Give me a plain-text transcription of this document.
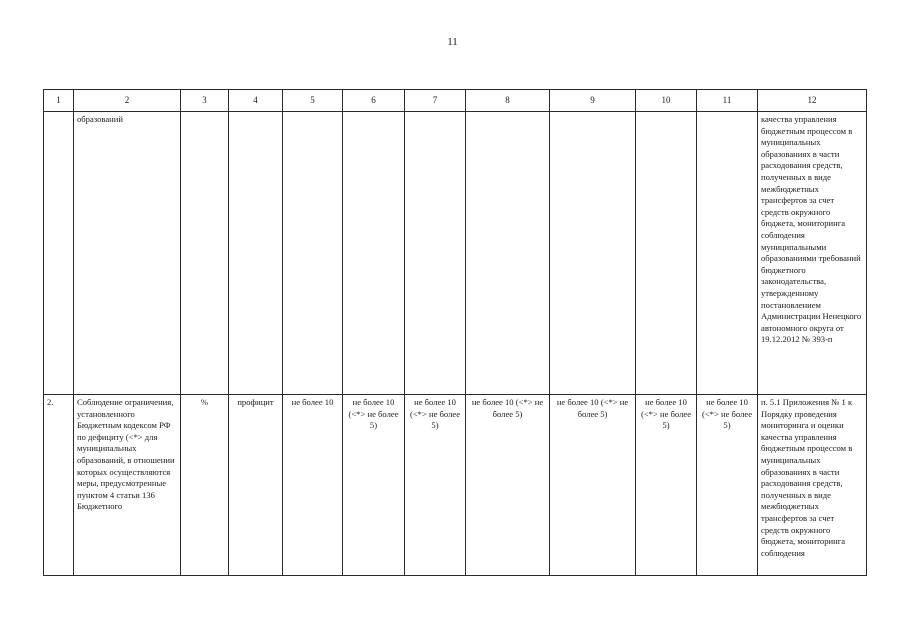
11
1	2	3	4	5	6	7	8	9	10	11	12
	образований										качества управления бюджетным процессом в муниципальных образованиях в части расходования средств, полученных в виде межбюджетных трансфертов за счет средств окружного бюджета, мониторинга соблюдения муниципальными образованиями требований бюджетного законодательства, утвержденному постановлением Администрации Ненецкого автономного округа от 19.12.2012 № 393-п
2.	Соблюдение ограничения, установленного Бюджетным кодексом РФ по дефициту (<*> для муниципальных образований, в отношении которых осуществляются меры, предусмотренные пунктом 4 статьи 136 Бюджетного	%	профицит	не более 10	не более 10 (<*> не более 5)	не более 10 (<*> не более 5)	не более 10 (<*> не более 5)	не более 10 (<*> не более 5)	не более 10 (<*> не более 5)	не более 10 (<*> не более 5)	п. 5.1 Приложения № 1 к Порядку проведения мониторинга и оценки качества управления бюджетным процессом в муниципальных образованиях в части расходования средств, полученных в виде межбюджетных трансфертов за счет средств окружного бюджета, мониторинга соблюдения
